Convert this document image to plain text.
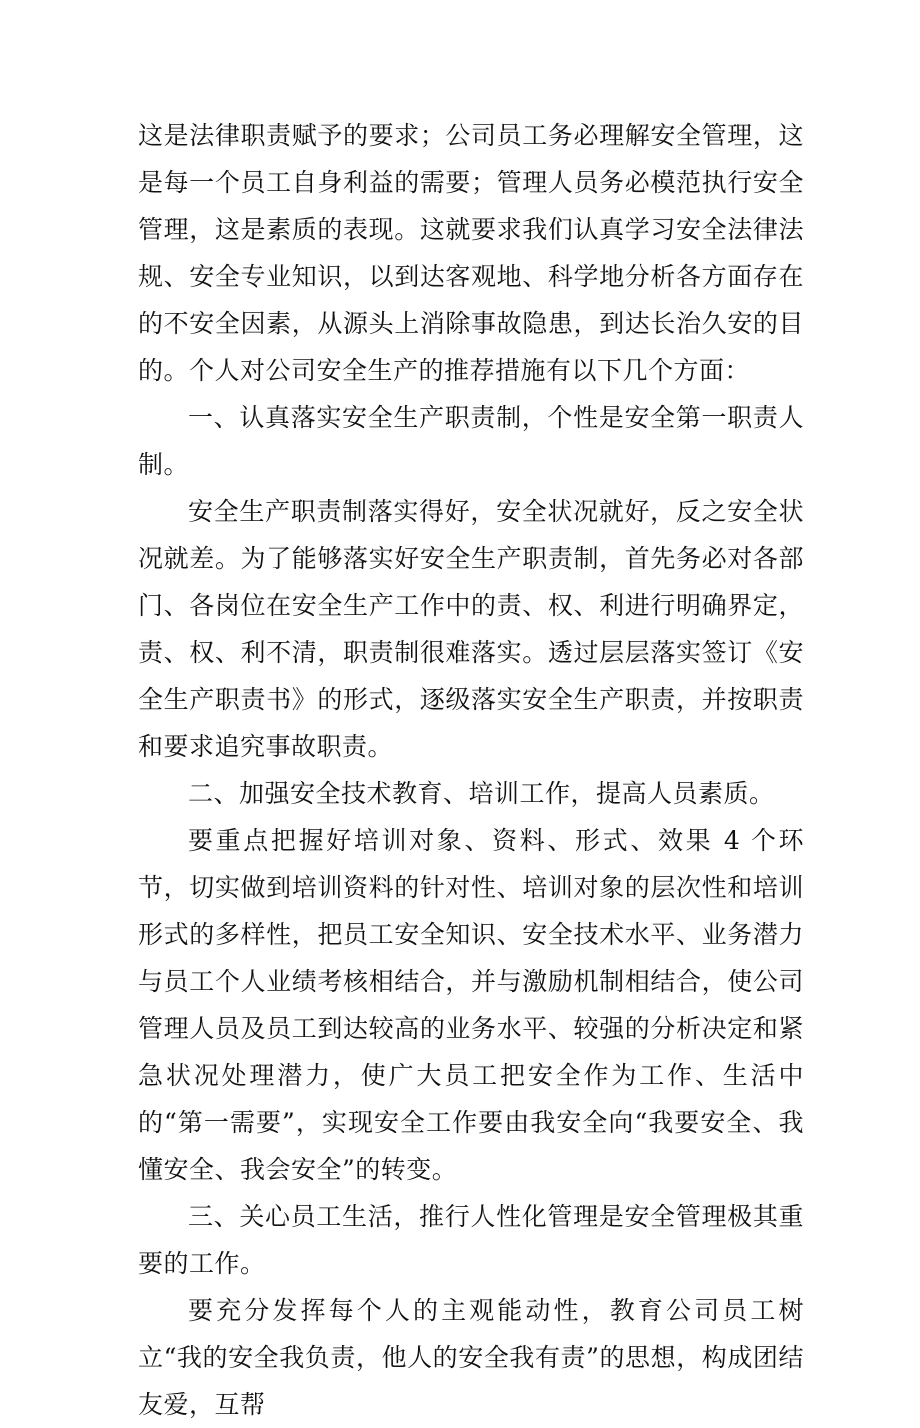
这是法律职责赋予的要求；公司员工务必理解安全管理，这是每一个员工自身利益的需要；管理人员务必模范执行安全管理，这是素质的表现。这就要求我们认真学习安全法律法规、安全专业知识，以到达客观地、科学地分析各方面存在的不安全因素，从源头上消除事故隐患，到达长治久安的目的。个人对公司安全生产的推荐措施有以下几个方面：

一、认真落实安全生产职责制，个性是安全第一职责人制。

安全生产职责制落实得好，安全状况就好，反之安全状况就差。为了能够落实好安全生产职责制，首先务必对各部门、各岗位在安全生产工作中的责、权、利进行明确界定，责、权、利不清，职责制很难落实。透过层层落实签订《安全生产职责书》的形式，逐级落实安全生产职责，并按职责和要求追究事故职责。

二、加强安全技术教育、培训工作，提高人员素质。

要重点把握好培训对象、资料、形式、效果 4 个环节，切实做到培训资料的针对性、培训对象的层次性和培训形式的多样性，把员工安全知识、安全技术水平、业务潜力与员工个人业绩考核相结合，并与激励机制相结合，使公司管理人员及员工到达较高的业务水平、较强的分析决定和紧急状况处理潜力，使广大员工把安全作为工作、生活中的“第一需要”，实现安全工作要由我安全向“我要安全、我懂安全、我会安全”的转变。

三、关心员工生活，推行人性化管理是安全管理极其重要的工作。

要充分发挥每个人的主观能动性，教育公司员工树立“我的安全我负责，他人的安全我有责”的思想，构成团结友爱，互帮
